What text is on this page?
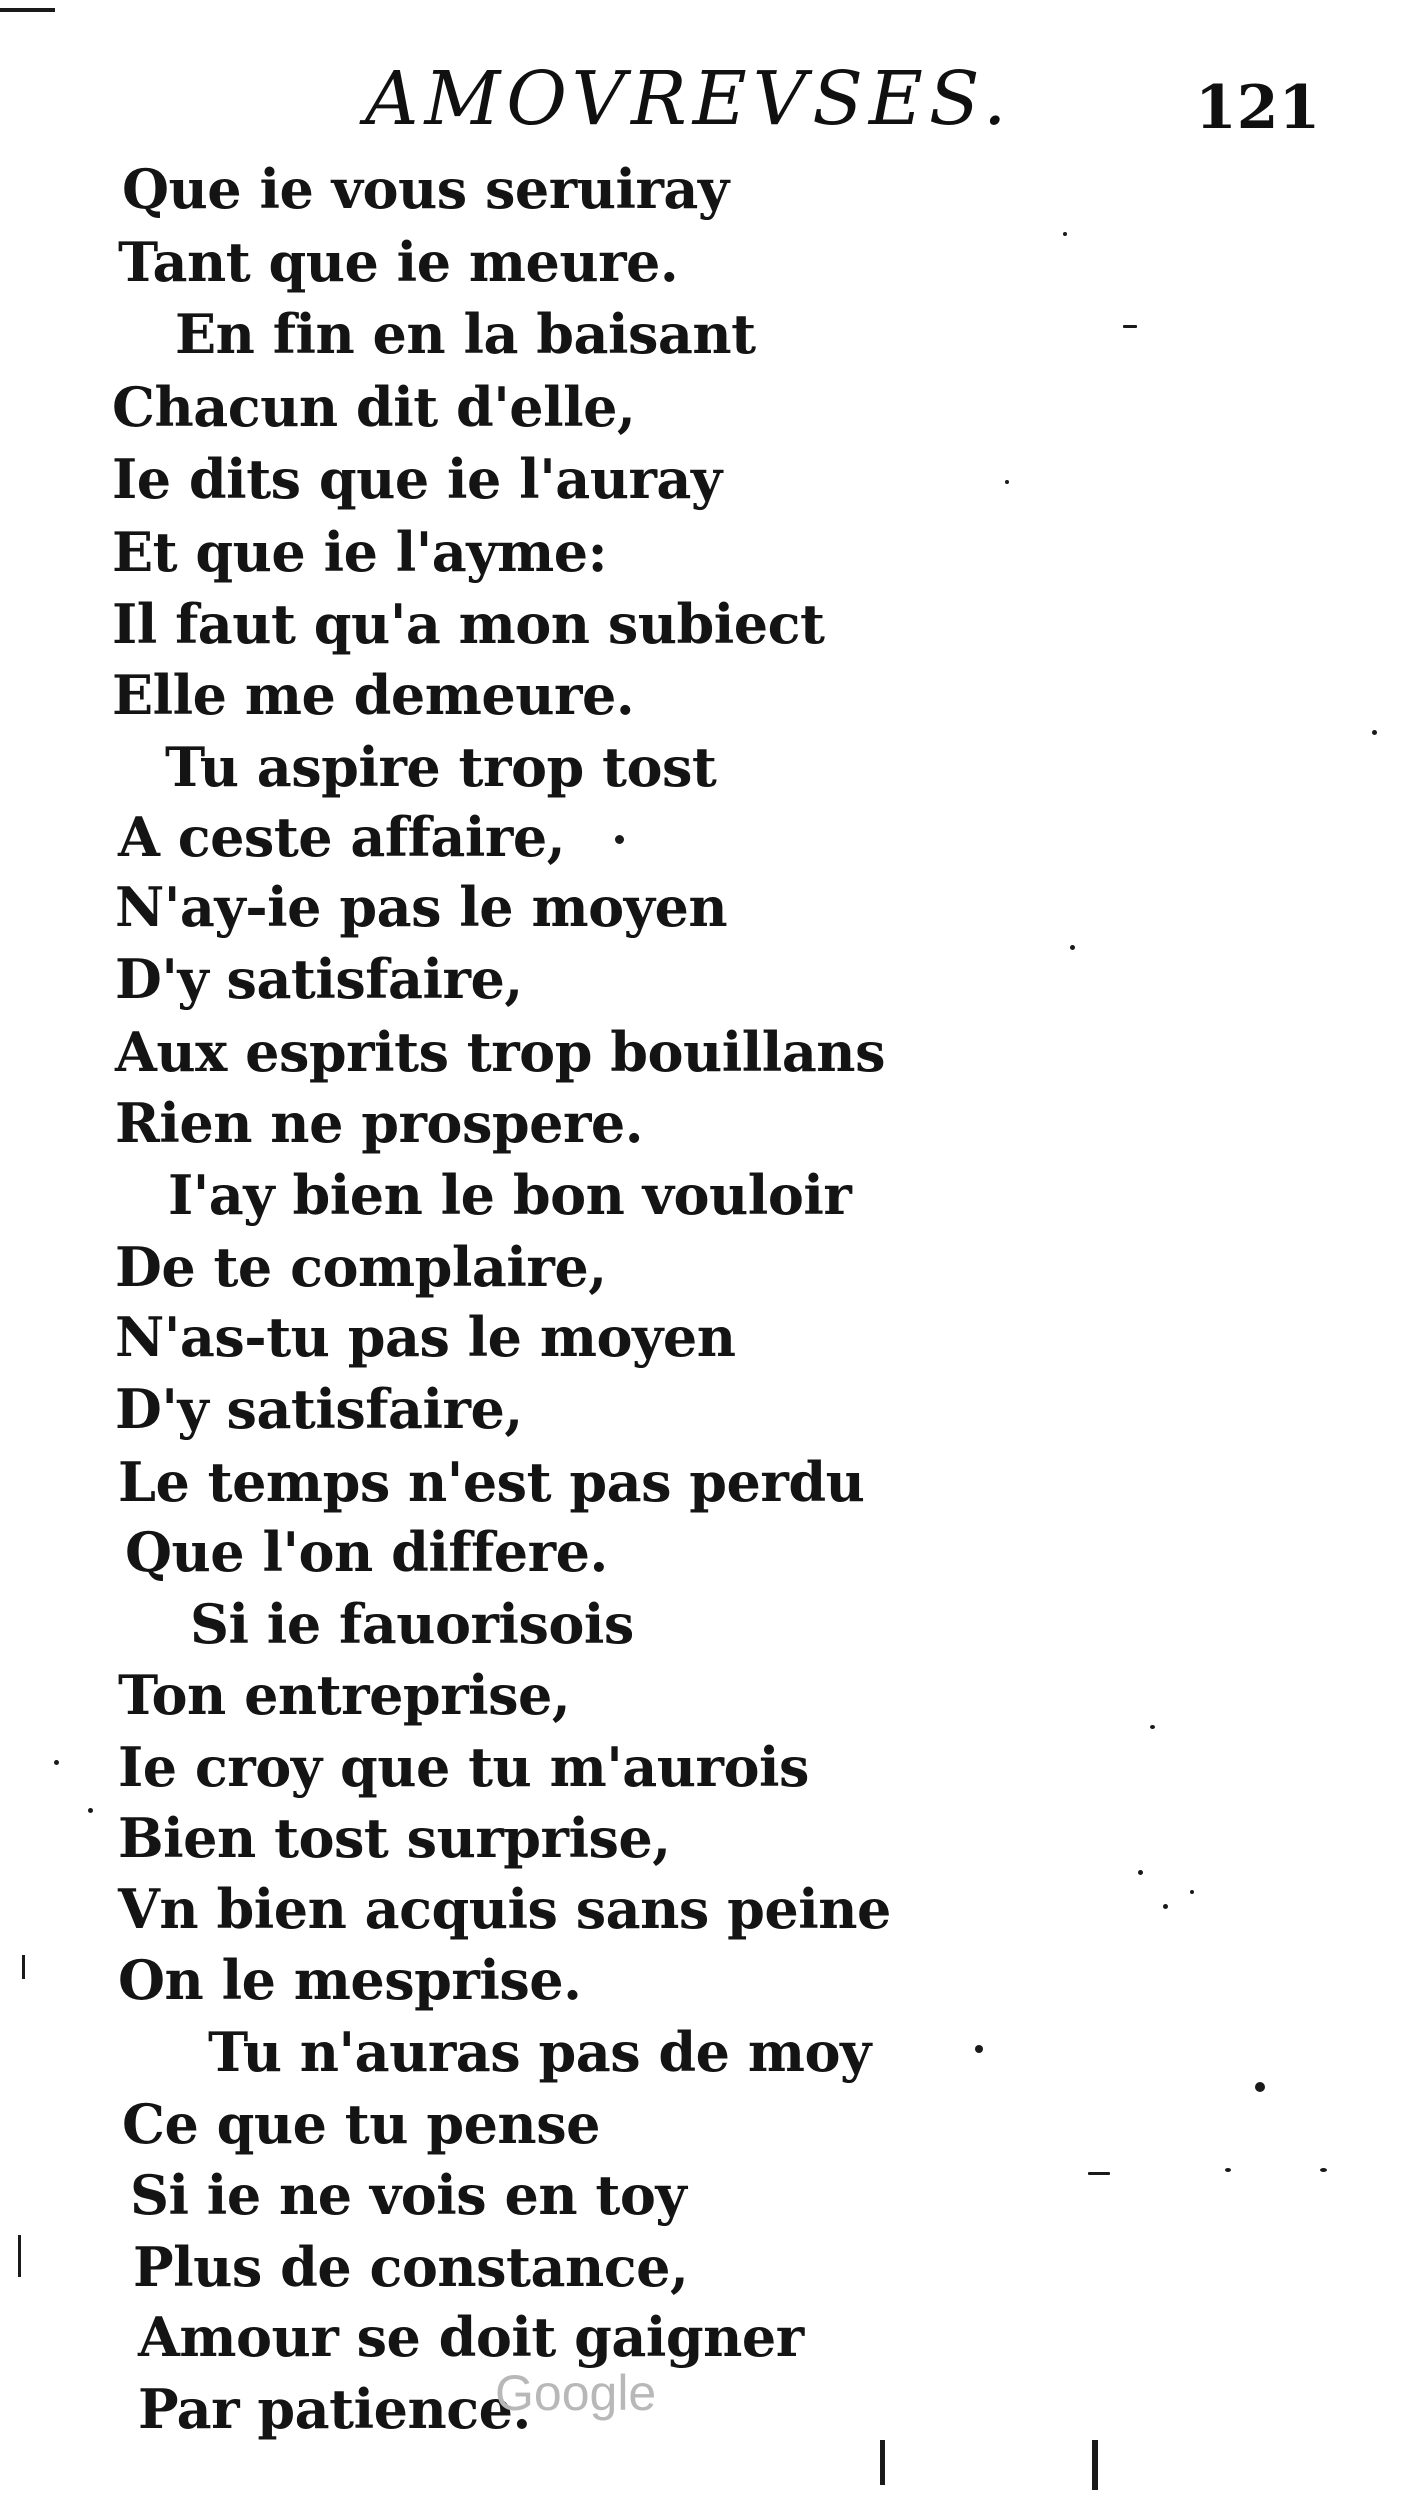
AMOVREVSES.	121
Que ie vous seruiray
Tant que ie meure.
En fin en la baisant
Chacun dit d'elle,
Ie dits que ie l'auray
Et que ie l'ayme:
Il faut qu'a mon subiect
Elle me demeure.
Tu aspire trop tost
A ceste affaire,
N'ay-ie pas le moyen
D'y satisfaire,
Aux esprits trop bouillans
Rien ne prospere.
I'ay bien le bon vouloir
De te complaire,
N'as-tu pas le moyen
D'y satisfaire,
Le temps n'est pas perdu
Que l'on differe.
Si ie fauorisois
Ton entreprise,
Ie croy que tu m'aurois
Bien tost surprise,
Vn bien acquis sans peine
On le mesprise.
Tu n'auras pas de moy
Ce que tu pense
Si ie ne vois en toy
Plus de constance,
Amour se doit gaigner
Par patience.
Google
